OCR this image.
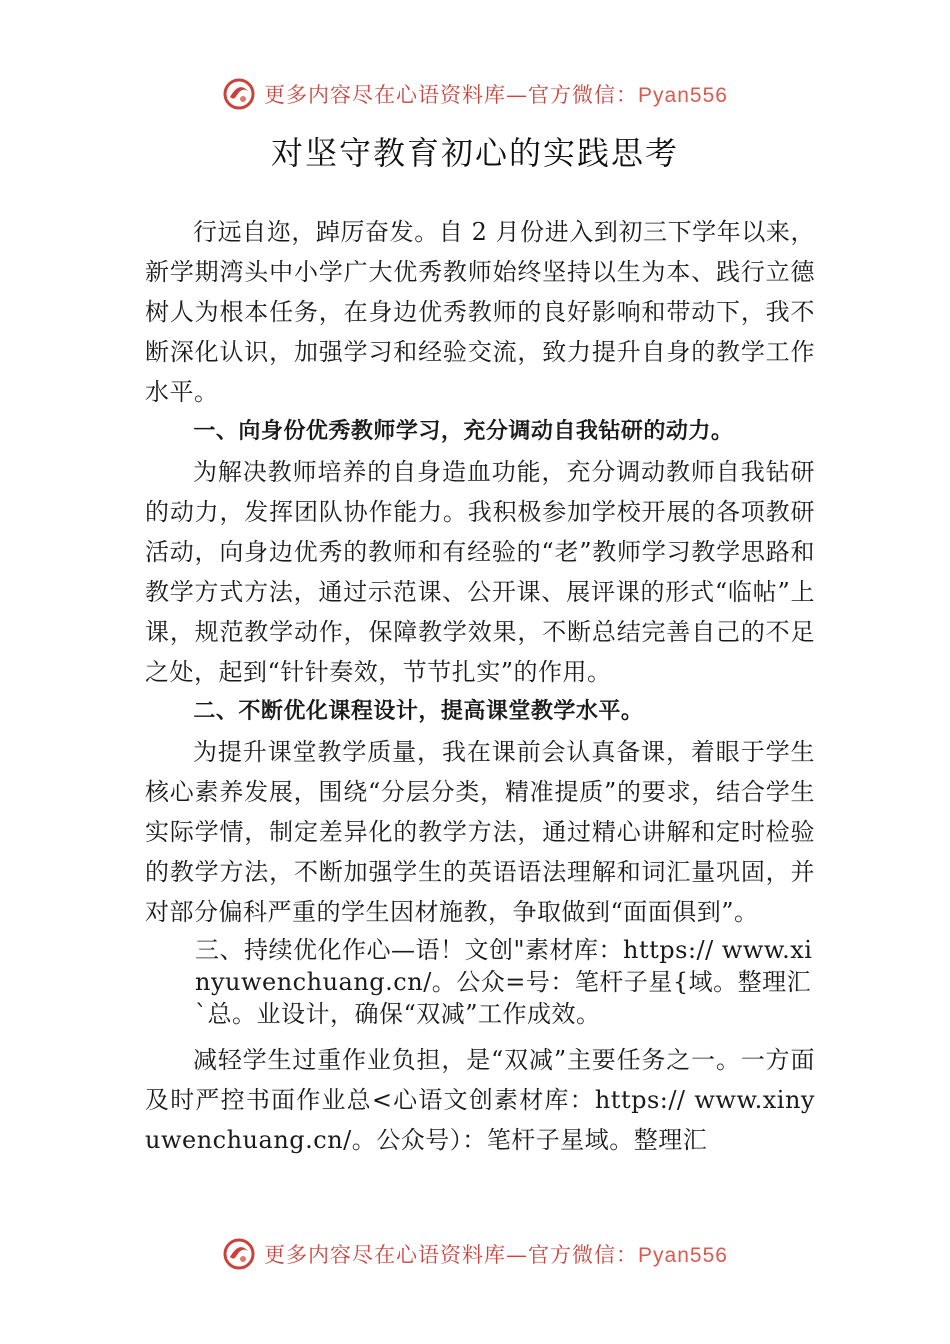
更多内容尽在心语资料库—官方微信：Pyan556
对坚守教育初心的实践思考

行远自迩，踔厉奋发。自 2 月份进入到初三下学年以来，新学期湾头中小学广大优秀教师始终坚持以生为本、践行立德树人为根本任务，在身边优秀教师的良好影响和带动下，我不断深化认识，加强学习和经验交流，致力提升自身的教学工作水平。

一、向身份优秀教师学习，充分调动自我钻研的动力。

为解决教师培养的自身造血功能，充分调动教师自我钻研的动力，发挥团队协作能力。我积极参加学校开展的各项教研活动，向身边优秀的教师和有经验的“老”教师学习教学思路和教学方式方法，通过示范课、公开课、展评课的形式“临帖”上课，规范教学动作，保障教学效果，不断总结完善自己的不足之处，起到“针针奏效，节节扎实”的作用。

二、不断优化课程设计，提高课堂教学水平。

为提升课堂教学质量，我在课前会认真备课，着眼于学生核心素养发展，围绕“分层分类，精准提质”的要求，结合学生实际学情，制定差异化的教学方法，通过精心讲解和定时检验的教学方法，不断加强学生的英语语法理解和词汇量巩固，并对部分偏科严重的学生因材施教，争取做到“面面俱到”。

三、持续优化作心—语！文创"素材库：https:// www.xinyuwenchuang.cn/。公众=号：笔杆子星{域。整理汇`总。业设计，确保“双减”工作成效。

减轻学生过重作业负担，是“双减”主要任务之一。一方面及时严控书面作业总<心语文创素材库：https:// www.xinyuwenchuang.cn/。公众号）：笔杆子星域。整理汇

更多内容尽在心语资料库—官方微信：Pyan556
